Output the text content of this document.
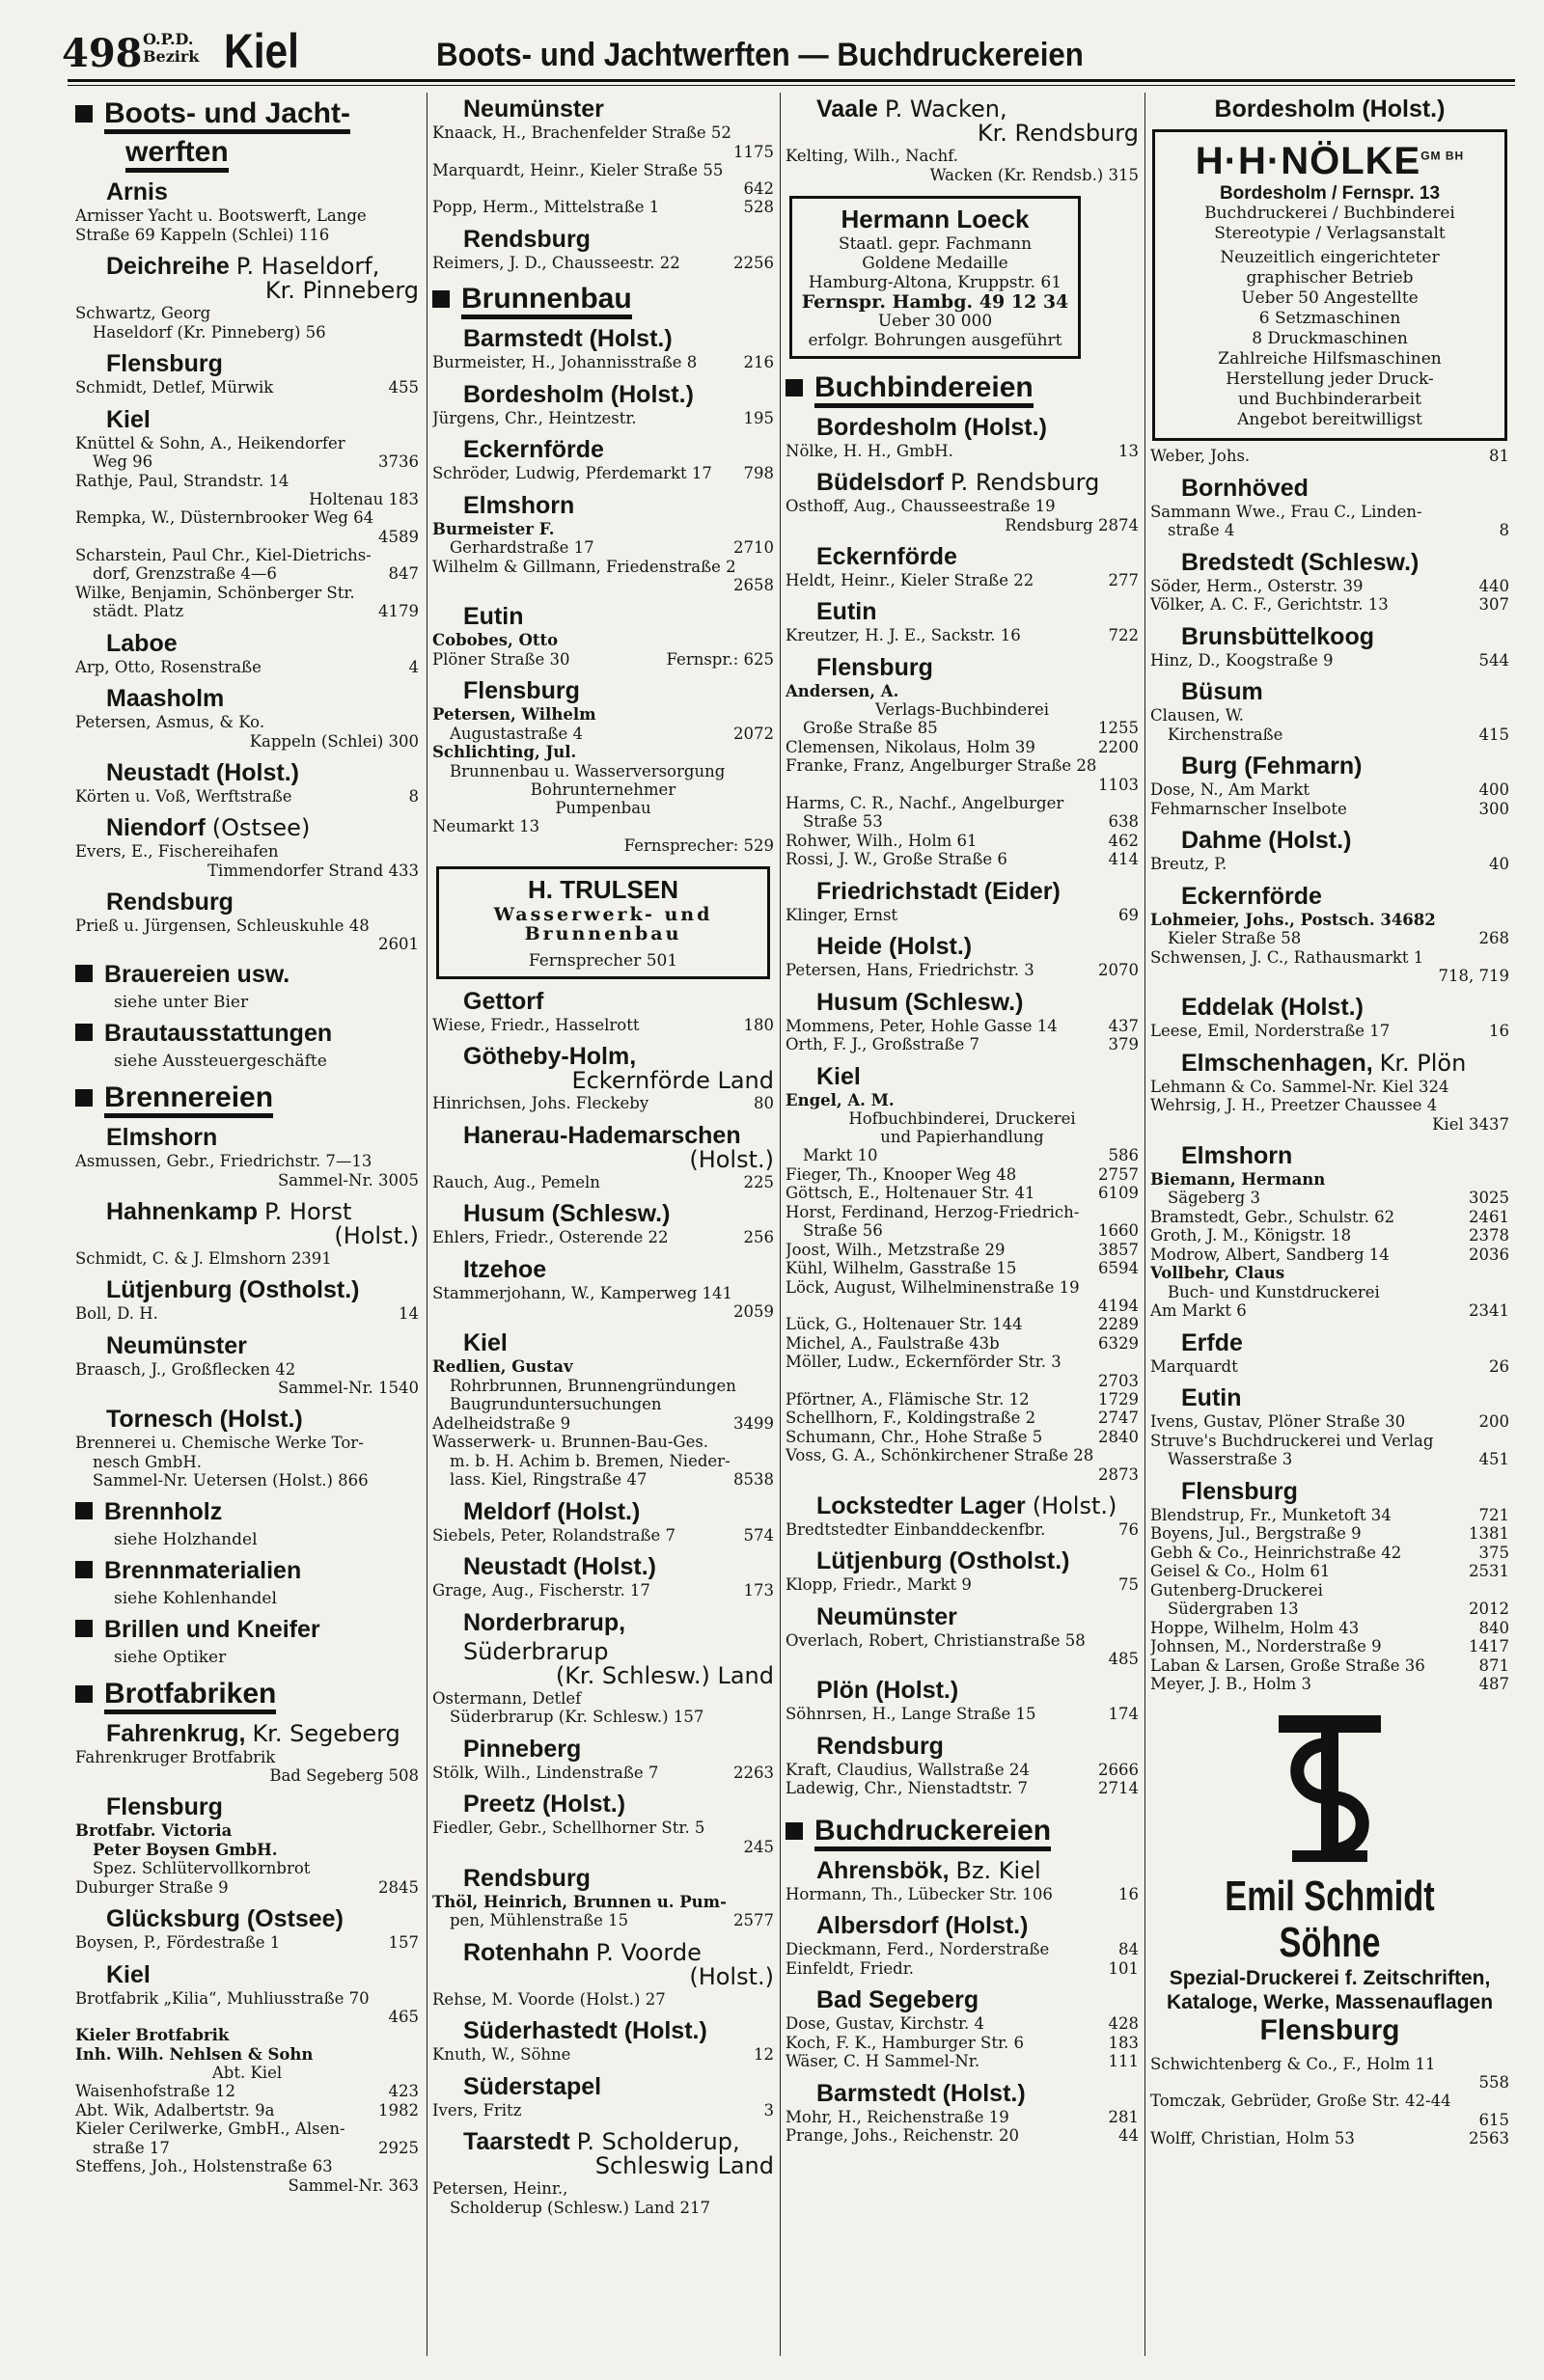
498 O.P.D.
Bezirk Kiel	Boots- und Jachtwerften — Buchdruckereien
Boots- und Jacht-
werften
Arnis
Arnisser Yacht u. Bootswerft, Lange
Straße 69 Kappeln (Schlei) 116
Deichreihe P. Haseldorf,
Kr. Pinneberg
Schwartz, Georg
Haseldorf (Kr. Pinneberg) 56
Flensburg
Schmidt, Detlef, Mürwik	455
Kiel
Knüttel & Sohn, A., Heikendorfer
Weg 96	3736
Rathje, Paul, Strandstr. 14
Holtenau 183
Rempka, W., Düsternbrooker Weg 64
4589
Scharstein, Paul Chr., Kiel-Dietrichs-
dorf, Grenzstraße 4—6	847
Wilke, Benjamin, Schönberger Str.
städt. Platz	4179
Laboe
Arp, Otto, Rosenstraße	4
Maasholm
Petersen, Asmus, & Ko.
Kappeln (Schlei) 300
Neustadt (Holst.)
Körten u. Voß, Werftstraße	8
Niendorf (Ostsee)
Evers, E., Fischereihafen
Timmendorfer Strand 433
Rendsburg
Prieß u. Jürgensen, Schleuskuhle 48
2601
Brauereien usw.
siehe unter Bier
Brautausstattungen
siehe Aussteuergeschäfte
Brennereien
Elmshorn
Asmussen, Gebr., Friedrichstr. 7—13
Sammel-Nr. 3005
Hahnenkamp P. Horst
(Holst.)
Schmidt, C. & J. Elmshorn 2391
Lütjenburg (Ostholst.)
Boll, D. H.	14
Neumünster
Braasch, J., Großflecken 42
Sammel-Nr. 1540
Tornesch (Holst.)
Brennerei u. Chemische Werke Tor-
nesch GmbH.
Sammel-Nr. Uetersen (Holst.) 866
Brennholz
siehe Holzhandel
Brennmaterialien
siehe Kohlenhandel
Brillen und Kneifer
siehe Optiker
Brotfabriken
Fahrenkrug, Kr. Segeberg
Fahrenkruger Brotfabrik
Bad Segeberg 508
Flensburg
Brotfabr. Victoria
Peter Boysen GmbH.
Spez. Schlütervollkornbrot
Duburger Straße 9	2845
Glücksburg (Ostsee)
Boysen, P., Fördestraße 1	157
Kiel
Brotfabrik „Kilia“, Muhliusstraße 70
465
Kieler Brotfabrik
Inh. Wilh. Nehlsen & Sohn
Abt. Kiel
Waisenhofstraße 12	423
Abt. Wik, Adalbertstr. 9a	1982
Kieler Cerilwerke, GmbH., Alsen-
straße 17	2925
Steffens, Joh., Holstenstraße 63
Sammel-Nr. 363
Neumünster
Knaack, H., Brachenfelder Straße 52
1175
Marquardt, Heinr., Kieler Straße 55
642
Popp, Herm., Mittelstraße 1	528
Rendsburg
Reimers, J. D., Chausseestr. 22	2256
Brunnenbau
Barmstedt (Holst.)
Burmeister, H., Johannisstraße 8	216
Bordesholm (Holst.)
Jürgens, Chr., Heintzestr.	195
Eckernförde
Schröder, Ludwig, Pferdemarkt 17	798
Elmshorn
Burmeister F.
Gerhardstraße 17	2710
Wilhelm & Gillmann, Friedenstraße 2
2658
Eutin
Cobobes, Otto
Plöner Straße 30	Fernspr.: 625
Flensburg
Petersen, Wilhelm
Augustastraße 4	2072
Schlichting, Jul.
Brunnenbau u. Wasserversorgung
Bohrunternehmer
Pumpenbau
Neumarkt 13
Fernsprecher: 529
H. TRULSEN
Wasserwerk- und
Brunnenbau
Fernsprecher 501
Gettorf
Wiese, Friedr., Hasselrott	180
Götheby-Holm,
Eckernförde Land
Hinrichsen, Johs. Fleckeby	80
Hanerau-Hademarschen
(Holst.)
Rauch, Aug., Pemeln	225
Husum (Schlesw.)
Ehlers, Friedr., Osterende 22	256
Itzehoe
Stammerjohann, W., Kamperweg 141
2059
Kiel
Redlien, Gustav
Rohrbrunnen, Brunnengründungen
Baugrunduntersuchungen
Adelheidstraße 9	3499
Wasserwerk- u. Brunnen-Bau-Ges.
m. b. H. Achim b. Bremen, Nieder-
lass. Kiel, Ringstraße 47	8538
Meldorf (Holst.)
Siebels, Peter, Rolandstraße 7	574
Neustadt (Holst.)
Grage, Aug., Fischerstr. 17	173
Norderbrarup, Süderbrarup
(Kr. Schlesw.) Land
Ostermann, Detlef
Süderbrarup (Kr. Schlesw.) 157
Pinneberg
Stölk, Wilh., Lindenstraße 7	2263
Preetz (Holst.)
Fiedler, Gebr., Schellhorner Str. 5
245
Rendsburg
Thöl, Heinrich, Brunnen u. Pum-
pen, Mühlenstraße 15	2577
Rotenhahn P. Voorde
(Holst.)
Rehse, M. Voorde (Holst.) 27
Süderhastedt (Holst.)
Knuth, W., Söhne	12
Süderstapel
Ivers, Fritz	3
Taarstedt P. Scholderup,
Schleswig Land
Petersen, Heinr.,
Scholderup (Schlesw.) Land 217
Vaale P. Wacken,
Kr. Rendsburg
Kelting, Wilh., Nachf.
Wacken (Kr. Rendsb.) 315
Hermann Loeck
Staatl. gepr. Fachmann
Goldene Medaille
Hamburg-Altona, Kruppstr. 61
Fernspr. Hambg. 49 12 34
Ueber 30 000
erfolgr. Bohrungen ausgeführt
Buchbindereien
Bordesholm (Holst.)
Nölke, H. H., GmbH.	13
Büdelsdorf P. Rendsburg
Osthoff, Aug., Chausseestraße 19
Rendsburg 2874
Eckernförde
Heldt, Heinr., Kieler Straße 22	277
Eutin
Kreutzer, H. J. E., Sackstr. 16	722
Flensburg
Andersen, A.
Verlags-Buchbinderei
Große Straße 85	1255
Clemensen, Nikolaus, Holm 39	2200
Franke, Franz, Angelburger Straße 28
1103
Harms, C. R., Nachf., Angelburger
Straße 53	638
Rohwer, Wilh., Holm 61	462
Rossi, J. W., Große Straße 6	414
Friedrichstadt (Eider)
Klinger, Ernst	69
Heide (Holst.)
Petersen, Hans, Friedrichstr. 3	2070
Husum (Schlesw.)
Mommens, Peter, Hohle Gasse 14	437
Orth, F. J., Großstraße 7	379
Kiel
Engel, A. M.
Hofbuchbinderei, Druckerei
und Papierhandlung
Markt 10	586
Fieger, Th., Knooper Weg 48	2757
Göttsch, E., Holtenauer Str. 41	6109
Horst, Ferdinand, Herzog-Friedrich-
Straße 56	1660
Joost, Wilh., Metzstraße 29	3857
Kühl, Wilhelm, Gasstraße 15	6594
Löck, August, Wilhelminenstraße 19
4194
Lück, G., Holtenauer Str. 144	2289
Michel, A., Faulstraße 43b	6329
Möller, Ludw., Eckernförder Str. 3
2703
Pförtner, A., Flämische Str. 12	1729
Schellhorn, F., Koldingstraße 2	2747
Schumann, Chr., Hohe Straße 5	2840
Voss, G. A., Schönkirchener Straße 28
2873
Lockstedter Lager (Holst.)
Bredtstedter Einbanddeckenfbr.	76
Lütjenburg (Ostholst.)
Klopp, Friedr., Markt 9	75
Neumünster
Overlach, Robert, Christianstraße 58
485
Plön (Holst.)
Söhnrsen, H., Lange Straße 15	174
Rendsburg
Kraft, Claudius, Wallstraße 24	2666
Ladewig, Chr., Nienstadtstr. 7	2714
Buchdruckereien
Ahrensbök, Bz. Kiel
Hormann, Th., Lübecker Str. 106	16
Albersdorf (Holst.)
Dieckmann, Ferd., Norderstraße	84
Einfeldt, Friedr.	101
Bad Segeberg
Dose, Gustav, Kirchstr. 4	428
Koch, F. K., Hamburger Str. 6	183
Wäser, C. H Sammel-Nr.	111
Barmstedt (Holst.)
Mohr, H., Reichenstraße 19	281
Prange, Johs., Reichenstr. 20	44
Bordesholm (Holst.)
$H\cdot H\cdot NÖLKE^{GM BH}$
Bordesholm / Fernspr. 13
Buchdruckerei / Buchbinderei
Stereotypie / Verlagsanstalt
Neuzeitlich eingerichteter
graphischer Betrieb
Ueber 50 Angestellte
6 Setzmaschinen
8 Druckmaschinen
Zahlreiche Hilfsmaschinen
Herstellung jeder Druck-
und Buchbinderarbeit
Angebot bereitwilligst
Weber, Johs.	81
Bornhöved
Sammann Wwe., Frau C., Linden-
straße 4	8
Bredstedt (Schlesw.)
Söder, Herm., Osterstr. 39	440
Völker, A. C. F., Gerichtstr. 13	307
Brunsbüttelkoog
Hinz, D., Koogstraße 9	544
Büsum
Clausen, W.
Kirchenstraße	415
Burg (Fehmarn)
Dose, N., Am Markt	400
Fehmarnscher Inselbote	300
Dahme (Holst.)
Breutz, P.	40
Eckernförde
Lohmeier, Johs., Postsch. 34682
Kieler Straße 58	268
Schwensen, J. C., Rathausmarkt 1
718, 719
Eddelak (Holst.)
Leese, Emil, Norderstraße 17	16
Elmschenhagen, Kr. Plön
Lehmann & Co. Sammel-Nr. Kiel 324
Wehrsig, J. H., Preetzer Chaussee 4
Kiel 3437
Elmshorn
Biemann, Hermann
Sägeberg 3	3025
Bramstedt, Gebr., Schulstr. 62	2461
Groth, J. M., Königstr. 18	2378
Modrow, Albert, Sandberg 14	2036
Vollbehr, Claus
Buch- und Kunstdruckerei
Am Markt 6	2341
Erfde
Marquardt	26
Eutin
Ivens, Gustav, Plöner Straße 30	200
Struve's Buchdruckerei und Verlag
Wasserstraße 3	451
Flensburg
Blendstrup, Fr., Munketoft 34	721
Boyens, Jul., Bergstraße 9	1381
Gebh & Co., Heinrichstraße 42	375
Geisel & Co., Holm 61	2531
Gutenberg-Druckerei
Südergraben 13	2012
Hoppe, Wilhelm, Holm 43	840
Johnsen, M., Norderstraße 9	1417
Laban & Larsen, Große Straße 36	871
Meyer, J. B., Holm 3	487
Emil Schmidt Söhne
Spezial-Druckerei f. Zeitschriften,
Kataloge, Werke, Massenauflagen
Flensburg
Schwichtenberg & Co., F., Holm 11
558
Tomczak, Gebrüder, Große Str. 42-44
615
Wolff, Christian, Holm 53	2563
